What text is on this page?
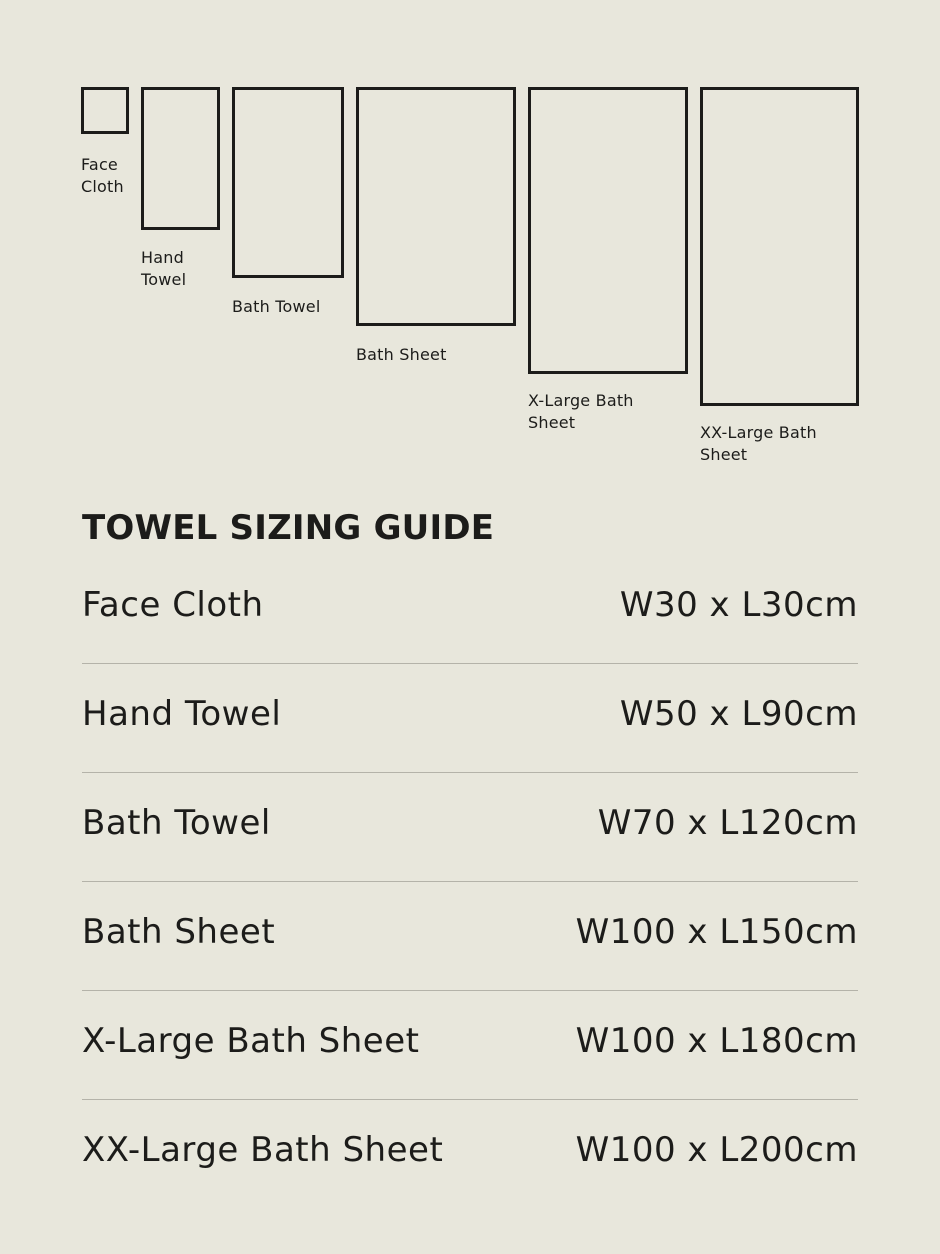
Face Cloth
Hand Towel
Bath Towel
Bath Sheet
X-Large Bath Sheet
XX-Large Bath Sheet
TOWEL SIZING GUIDE
Face Cloth	W30 x L30cm
Hand Towel	W50 x L90cm
Bath Towel	W70 x L120cm
Bath Sheet	W100 x L150cm
X-Large Bath Sheet	W100 x L180cm
XX-Large Bath Sheet	W100 x L200cm
